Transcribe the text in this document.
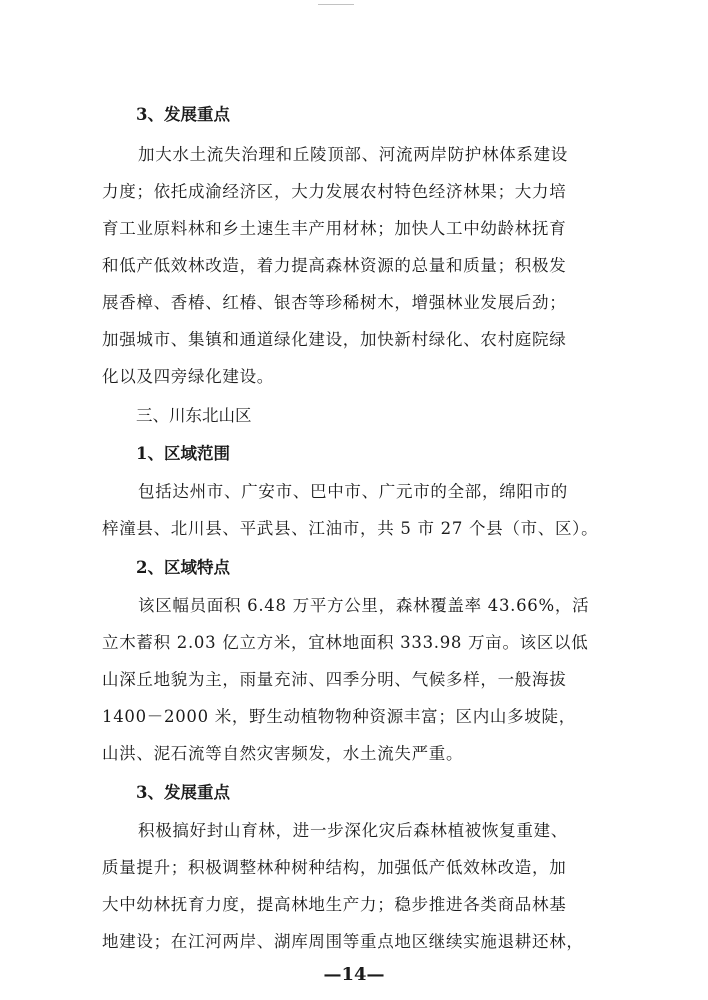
3、发展重点
加大水土流失治理和丘陵顶部、河流两岸防护林体系建设
力度；依托成渝经济区，大力发展农村特色经济林果；大力培
育工业原料林和乡土速生丰产用材林；加快人工中幼龄林抚育
和低产低效林改造，着力提高森林资源的总量和质量；积极发
展香樟、香椿、红椿、银杏等珍稀树木，增强林业发展后劲；
加强城市、集镇和通道绿化建设，加快新村绿化、农村庭院绿
化以及四旁绿化建设。
三、川东北山区
1、区域范围
包括达州市、广安市、巴中市、广元市的全部，绵阳市的
梓潼县、北川县、平武县、江油市，共 5 市 27 个县（市、区）。
2、区域特点
该区幅员面积 6.48 万平方公里，森林覆盖率 43.66%，活
立木蓄积 2.03 亿立方米，宜林地面积 333.98 万亩。该区以低
山深丘地貌为主，雨量充沛、四季分明、气候多样，一般海拔
1400－2000 米，野生动植物物种资源丰富；区内山多坡陡，
山洪、泥石流等自然灾害频发，水土流失严重。
3、发展重点
积极搞好封山育林，进一步深化灾后森林植被恢复重建、
质量提升；积极调整林种树种结构，加强低产低效林改造，加
大中幼林抚育力度，提高林地生产力；稳步推进各类商品林基
地建设；在江河两岸、湖库周围等重点地区继续实施退耕还林，
—14—
